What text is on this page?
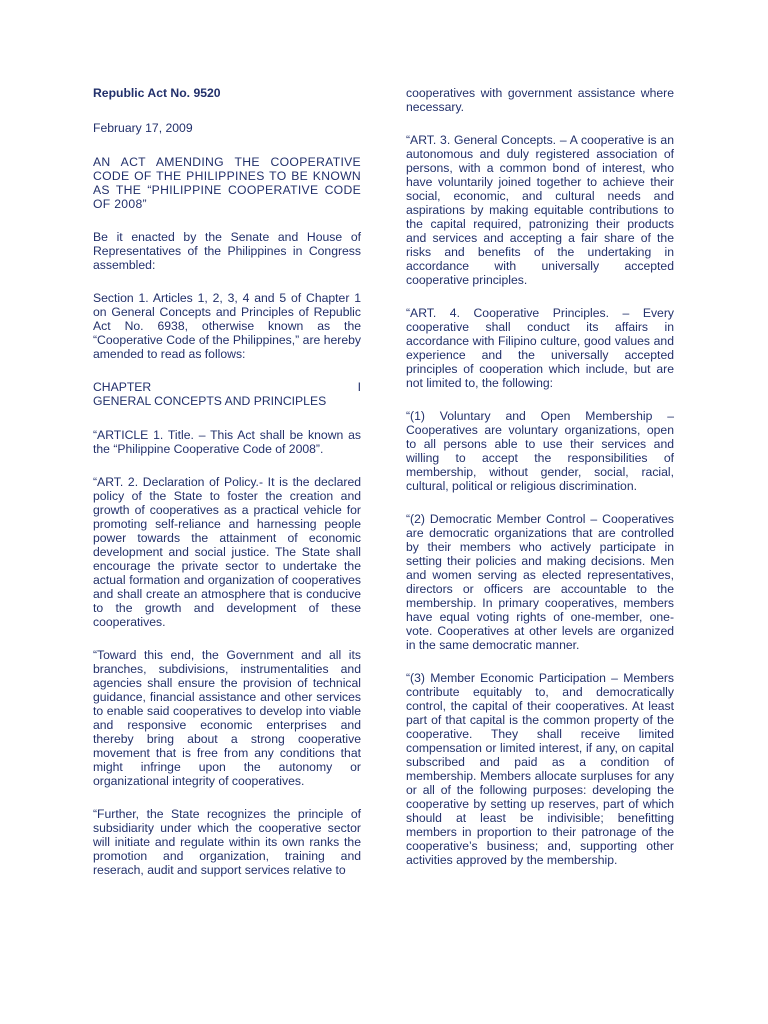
Republic Act No. 9520

February 17, 2009

AN ACT AMENDING THE COOPERATIVE CODE OF THE PHILIPPINES TO BE KNOWN AS THE “PHILIPPINE COOPERATIVE CODE OF 2008”

Be it enacted by the Senate and House of Representatives of the Philippines in Congress assembled:

Section 1. Articles 1, 2, 3, 4 and 5 of Chapter 1 on General Concepts and Principles of Republic Act No. 6938, otherwise known as the “Cooperative Code of the Philippines,” are hereby amended to read as follows:

CHAPTER	I
GENERAL CONCEPTS AND PRINCIPLES

“ARTICLE 1. Title. – This Act shall be known as the “Philippine Cooperative Code of 2008”.

“ART. 2. Declaration of Policy.- It is the declared policy of the State to foster the creation and growth of cooperatives as a practical vehicle for promoting self-reliance and harnessing people power towards the attainment of economic development and social justice. The State shall encourage the private sector to undertake the actual formation and organization of cooperatives and shall create an atmosphere that is conducive to the growth and development of these cooperatives.

“Toward this end, the Government and all its branches, subdivisions, instrumentalities and agencies shall ensure the provision of technical guidance, financial assistance and other services to enable said cooperatives to develop into viable and responsive economic enterprises and thereby bring about a strong cooperative movement that is free from any conditions that might infringe upon the autonomy or organizational integrity of cooperatives.

“Further, the State recognizes the principle of subsidiarity under which the cooperative sector will initiate and regulate within its own ranks the promotion and organization, training and reserach, audit and support services relative to

cooperatives with government assistance where necessary.

“ART. 3. General Concepts. – A cooperative is an autonomous and duly registered association of persons, with a common bond of interest, who have voluntarily joined together to achieve their social, economic, and cultural needs and aspirations by making equitable contributions to the capital required, patronizing their products and services and accepting a fair share of the risks and benefits of the undertaking in accordance with universally accepted cooperative principles.

“ART. 4. Cooperative Principles. – Every cooperative shall conduct its affairs in accordance with Filipino culture, good values and experience and the universally accepted principles of cooperation which include, but are not limited to, the following:

“(1) Voluntary and Open Membership – Cooperatives are voluntary organizations, open to all persons able to use their services and willing to accept the responsibilities of membership, without gender, social, racial, cultural, political or religious discrimination.

“(2) Democratic Member Control – Cooperatives are democratic organizations that are controlled by their members who actively participate in setting their policies and making decisions. Men and women serving as elected representatives, directors or officers are accountable to the membership. In primary cooperatives, members have equal voting rights of one-member, one-vote. Cooperatives at other levels are organized in the same democratic manner.

“(3) Member Economic Participation – Members contribute equitably to, and democratically control, the capital of their cooperatives. At least part of that capital is the common property of the cooperative. They shall receive limited compensation or limited interest, if any, on capital subscribed and paid as a condition of membership. Members allocate surpluses for any or all of the following purposes: developing the cooperative by setting up reserves, part of which should at least be indivisible; benefitting members in proportion to their patronage of the cooperative’s business; and, supporting other activities approved by the membership.
